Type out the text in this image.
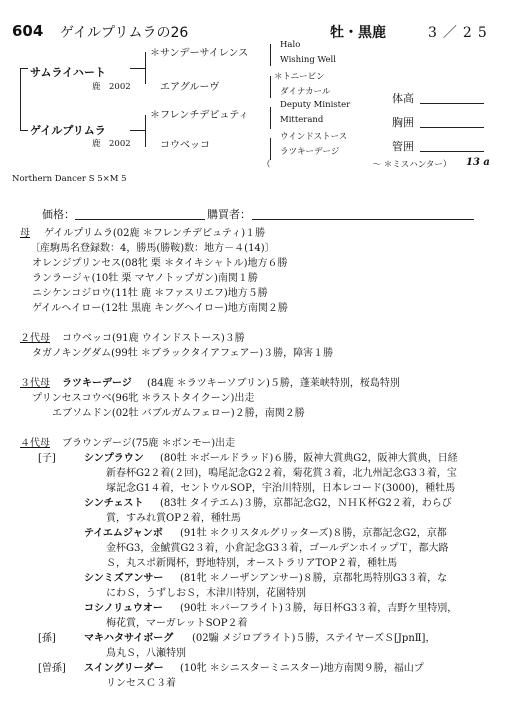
604 ゲイルプリムラの26	牡・黒鹿	3／25
サムライハート
鹿　2002
ゲイルプリムラ
鹿　2002
＊サンデーサイレンス
エアグルーヴ
＊フレンチデピュティ
コウベッコ
Halo
Wishing Well
＊トニービン
ダイナカール
Deputy Minister
Mitterand
ウインドストース
ラツキーデージ
体高
胸囲
管囲
（　　　　　　　　　　　　～ ＊ミスハンター） 13 a
Northern Dancer S 5×M 5
価格：	購買者：
母 ゲイルプリムラ(02鹿 ＊フレンチデピュティ)１勝
〔産駒馬名登録数：4，勝馬(勝鞍)数：地方－４(14)〕
オレンジプリンセス(08牝 栗 ＊タイキシャトル)地方６勝
ランラージャ(10牡 栗 マヤノトップガン)南関１勝
ニシケンコジロウ(11牡 鹿 ＊ファスリエフ)地方５勝
ゲイルヘイロー(12牡 黒鹿 キングヘイロー)地方南関２勝
２代母 コウベッコ(91鹿 ウインドストース)３勝
タガノキングダム(99牡 ＊ブラックタイアフェアー)３勝，障害１勝
３代母 ラツキーデージ (84鹿 ＊ラツキーソブリン)５勝，蓬莱峡特別，桜島特別
プリンセスコウベ(96牝 ＊ラストタイクーン)出走
エブソムドン(02牡 バブルガムフェロー)２勝，南関２勝
４代母 ブラウンデージ(75鹿 ＊ボンモー)出走
[子]	シンプラウン (80牡 ＊ボールドラッド)６勝，阪神大賞典G2，阪神大賞典，日経
新春杯G2２着(２回)，鳴尾記念G2２着，菊花賞３着，北九州記念G3３着，宝
塚記念G1４着，セントウルSOP，宇治川特別，日本レコード(3000)，種牡馬
シンチェスト (83牡 タイテエム)３勝，京都記念G2，ＮＨＫ杯G2２着，わらび
賞，すみれ賞OP２着，種牡馬
テイエムジャンボ (91牡 ＊クリスタルグリッターズ)８勝，京都記念G2，京都
金杯G3，金鯱賞G2３着，小倉記念G3３着，ゴールデンホイップＴ，都大路
Ｓ，丸スポ新聞杯，野地特別，オーストラリアTOP２着，種牡馬
シンミズアンサー (81牝 ＊ノーザンアンサー)８勝，京都牝馬特別G3３着，な
にわＳ，うずしおＳ，木津川特別，花園特別
コシノリュウオー (90牡 ＊バーフライト)３勝，毎日杯G3３着，吉野ケ里特別，
梅花賞，マーガレットSOP２着
[孫]	マキハタサイボーグ (02騸 メジロブライト)５勝，ステイヤーズＳ[JpnⅡ]，
鳥丸Ｓ，八瀬特別
[曽孫] スイングリーダー (10牝 ＊シニスターミニスター)地方南関９勝，福山プ
リンセスＣ３着
